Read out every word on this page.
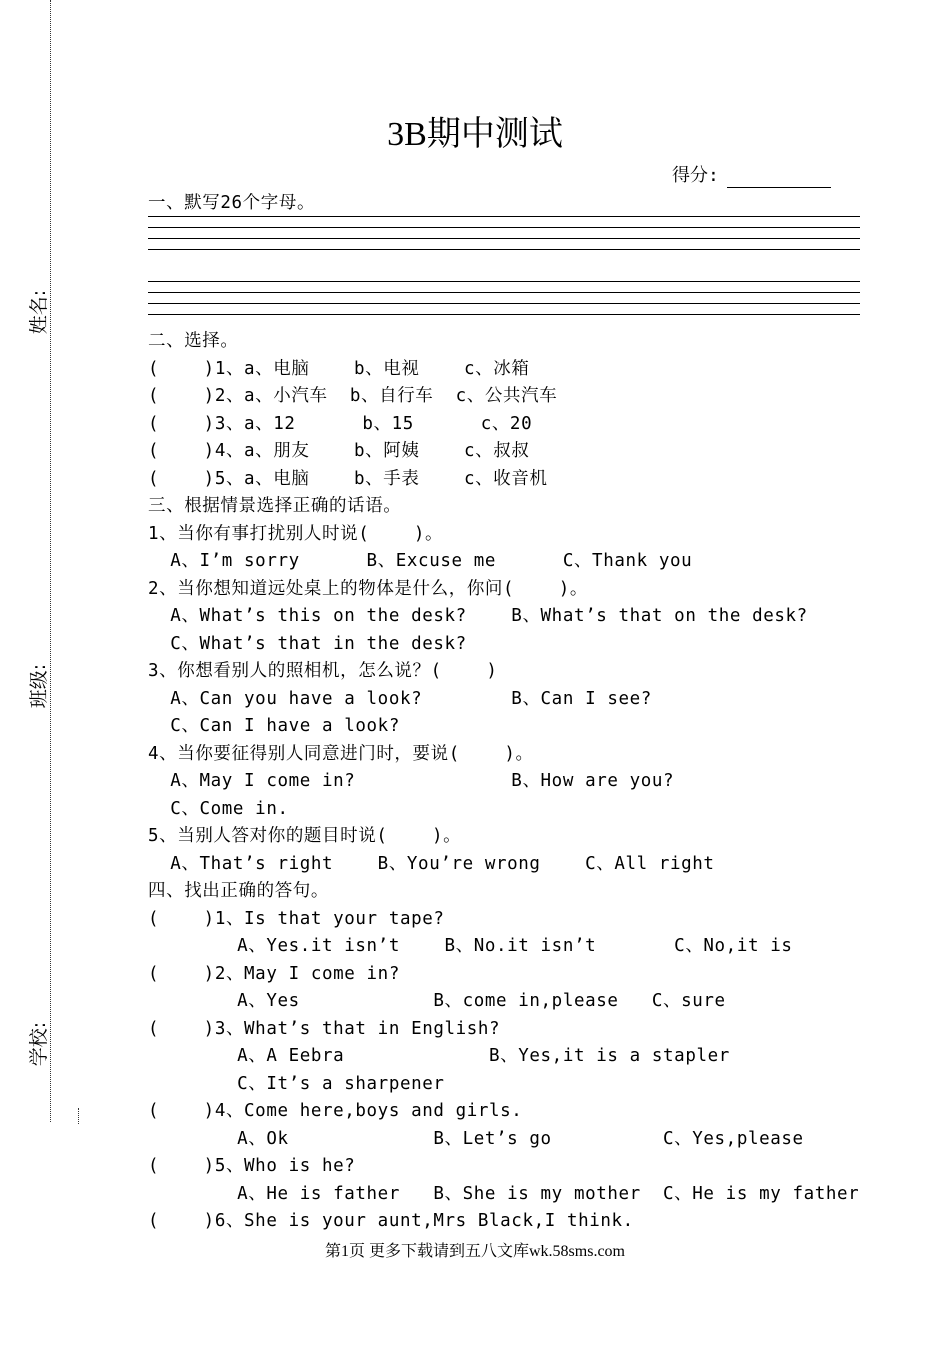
姓名:
班级:
学校:
3B期中测试
得分:
一、默写26个字母。
二、选择。
(    )1、a、电脑    b、电视    c、冰箱
(    )2、a、小汽车  b、自行车  c、公共汽车
(    )3、a、12      b、15      c、20
(    )4、a、朋友    b、阿姨    c、叔叔
(    )5、a、电脑    b、手表    c、收音机
三、根据情景选择正确的话语。
1、当你有事打扰别人时说(    )。
A、I’m sorry      B、Excuse me      C、Thank you
2、当你想知道远处桌上的物体是什么，你问(    )。
A、What’s this on the desk?    B、What’s that on the desk?
C、What’s that in the desk?
3、你想看别人的照相机，怎么说？(    )
A、Can you have a look?        B、Can I see?
C、Can I have a look?
4、当你要征得别人同意进门时，要说(    )。
A、May I come in?              B、How are you?
C、Come in.
5、当别人答对你的题目时说(    )。
A、That’s right    B、You’re wrong    C、All right
四、找出正确的答句。
(    )1、Is that your tape?
A、Yes.it isn’t    B、No.it isn’t       C、No,it is
(    )2、May I come in?
A、Yes            B、come in,please   C、sure
(    )3、What’s that in English?
A、A Eebra             B、Yes,it is a stapler
C、It’s a sharpener
(    )4、Come here,boys and girls.
A、Ok             B、Let’s go          C、Yes,please
(    )5、Who is he?
A、He is father   B、She is my mother  C、He is my father
(    )6、She is your aunt,Mrs Black,I think.
第1页 更多下载请到五八文库wk.58sms.com
